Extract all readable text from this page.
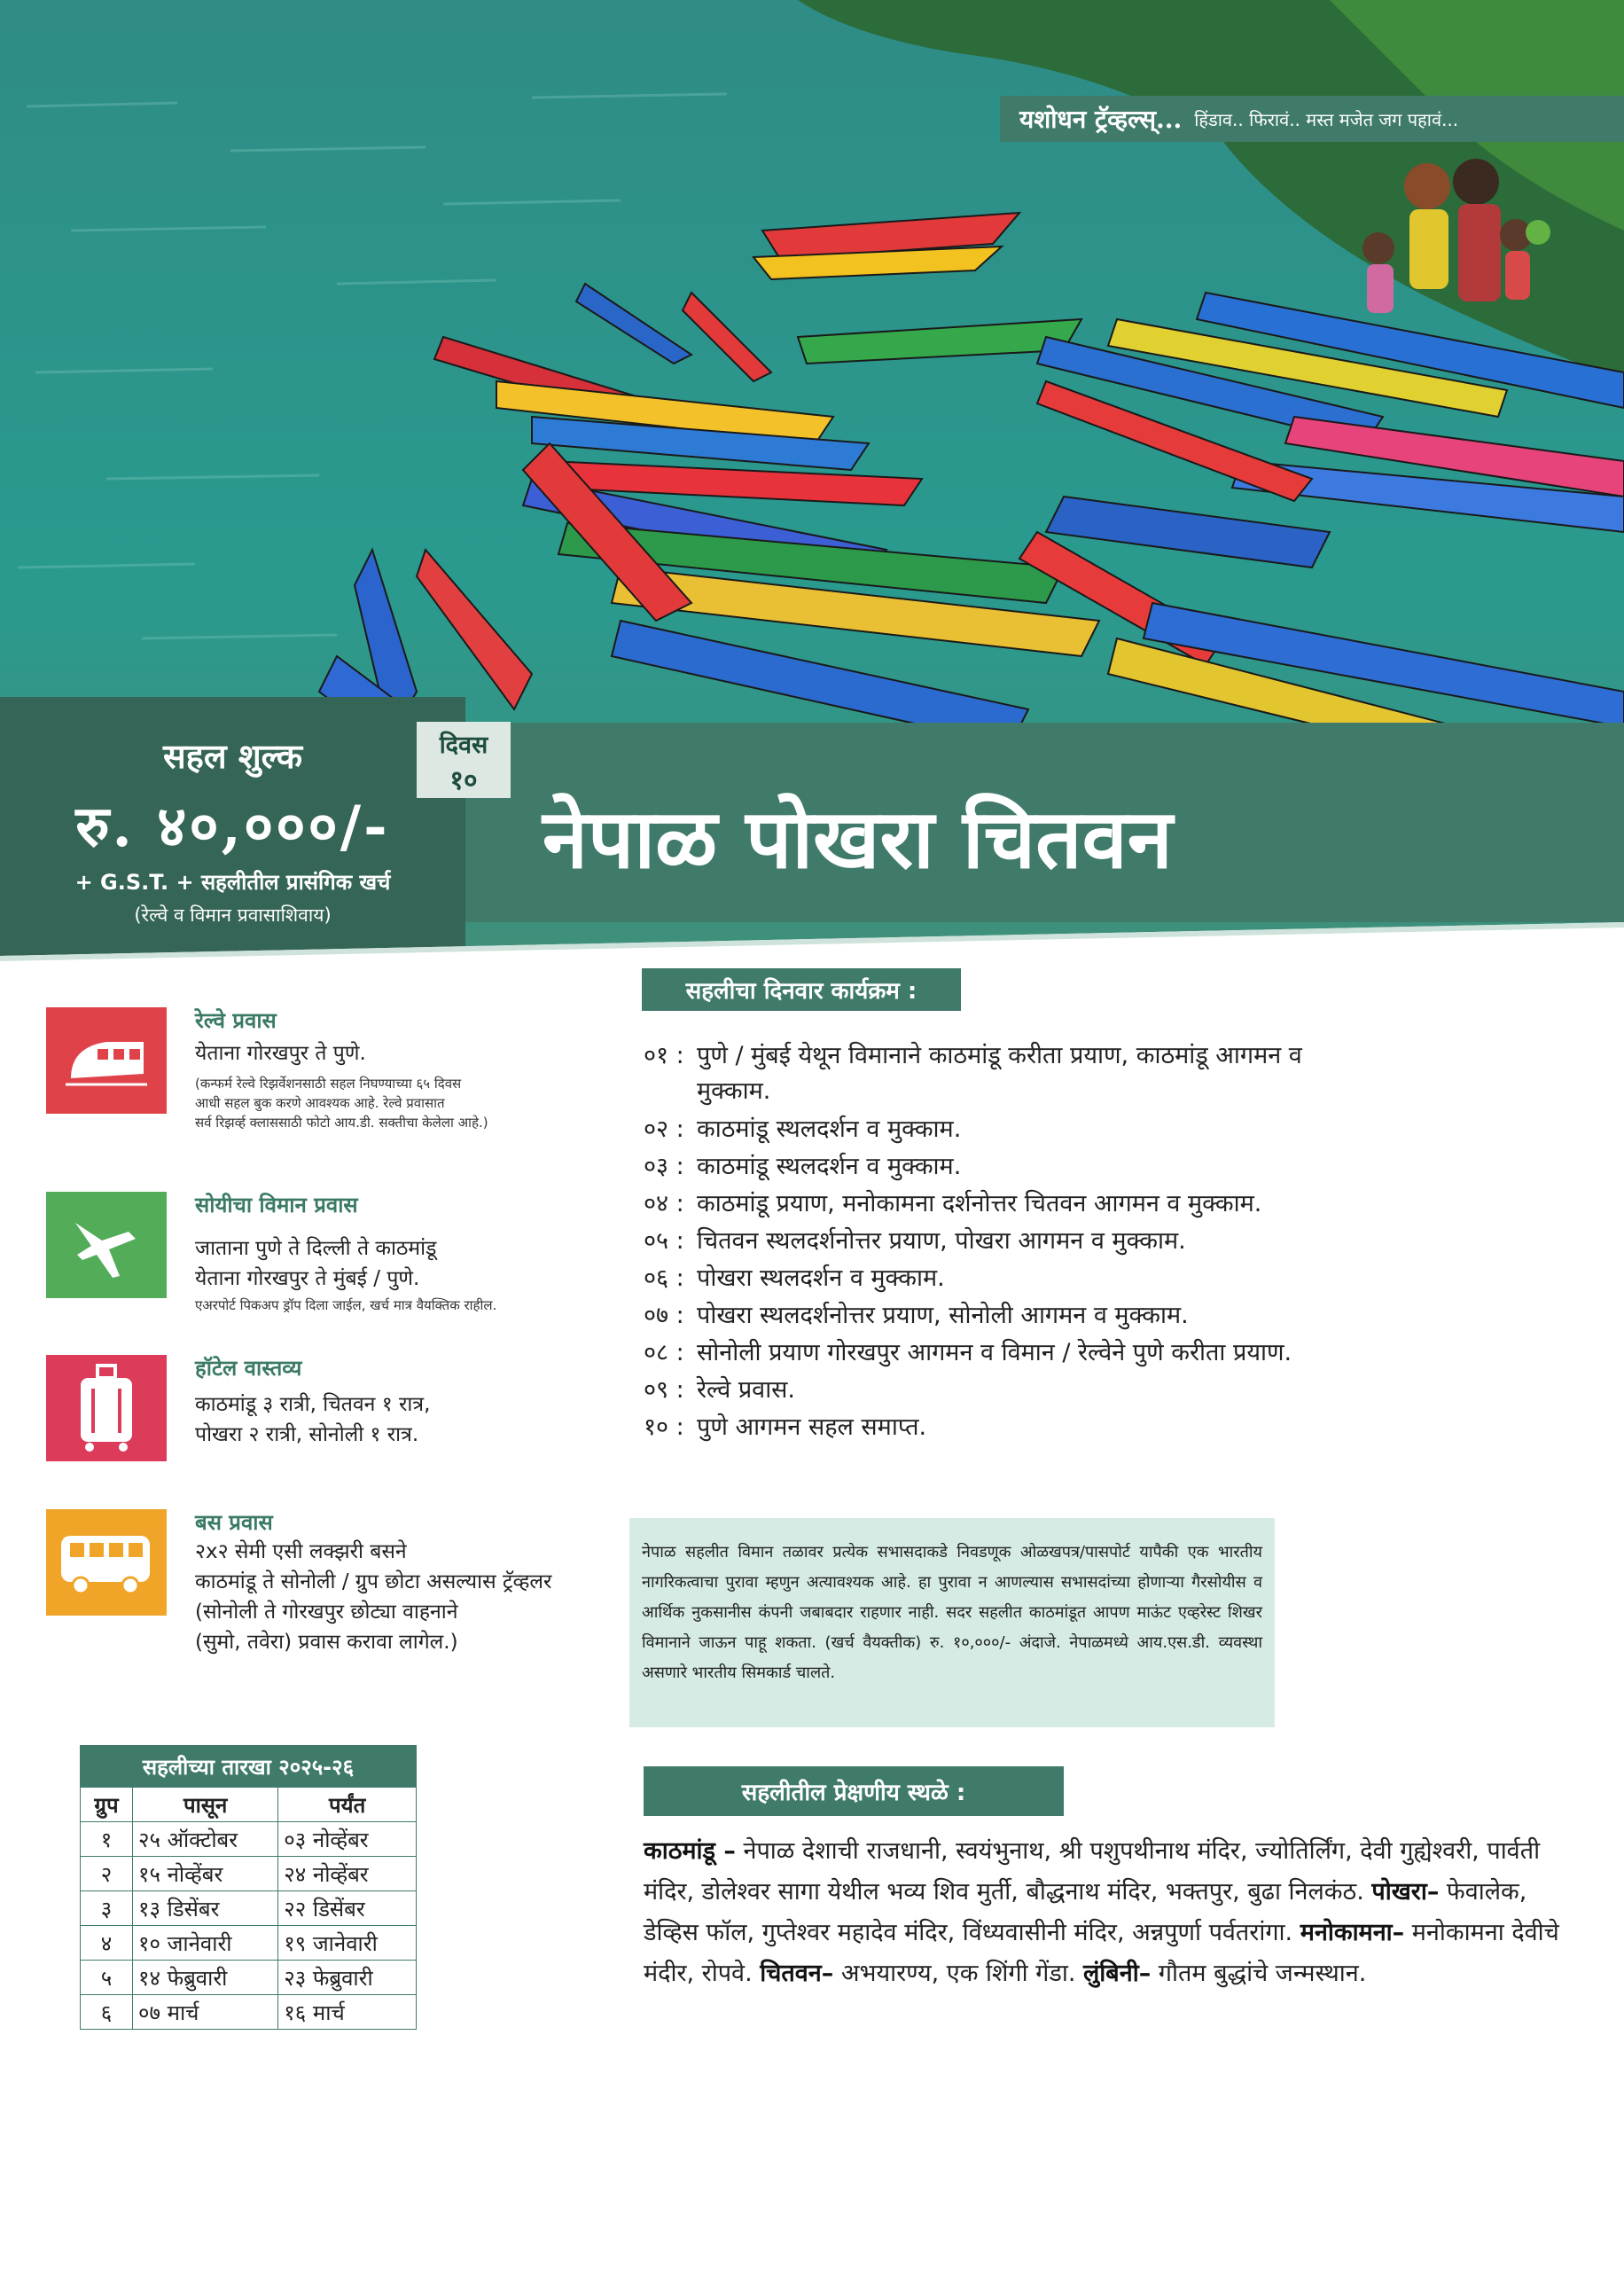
यशोधन ट्रॅव्हल्स्... हिंडाव.. फिरावं.. मस्त मजेत जग पहावं...
सहल शुल्क
रु. ४०,०००/-
+ G.S.T. + सहलीतील प्रासंगिक खर्च
(रेल्वे व विमान प्रवासाशिवाय)
नेपाळ पोखरा चितवन
दिवस
१०
रेल्वे प्रवास
येताना गोरखपुर ते पुणे.
(कन्फर्म रेल्वे रिझर्वेशनसाठी सहल निघण्याच्या ६५ दिवस
आधी सहल बुक करणे आवश्यक आहे. रेल्वे प्रवासात
सर्व रिझर्व्ह क्लाससाठी फोटो आय.डी. सक्तीचा केलेला आहे.)
सोयीचा विमान प्रवास
जाताना पुणे ते दिल्ली ते काठमांडू
येताना गोरखपुर ते मुंबई / पुणे.
एअरपोर्ट पिकअप ड्रॉप दिला जाईल, खर्च मात्र वैयक्तिक राहील.
हॉटेल वास्तव्य
काठमांडू ३ रात्री, चितवन १ रात्र,
पोखरा २ रात्री, सोनोली १ रात्र.
बस प्रवास
२x२ सेमी एसी लक्झरी बसने
काठमांडू ते सोनोली / ग्रुप छोटा असल्यास ट्रॅव्हलर
(सोनोली ते गोरखपुर छोट्या वाहनाने
(सुमो, तवेरा) प्रवास करावा लागेल.)
सहलीच्या तारखा २०२५-२६		
ग्रुप	पासून	पर्यंत
१	२५ ऑक्टोबर	०३ नोव्हेंबर
२	१५ नोव्हेंबर	२४ नोव्हेंबर
३	१३ डिसेंबर	२२ डिसेंबर
४	१० जानेवारी	१९ जानेवारी
५	१४ फेब्रुवारी	२३ फेब्रुवारी
६	०७ मार्च	१६ मार्च
सहलीचा दिनवार कार्यक्रम :
०१ : पुणे / मुंबई येथून विमानाने काठमांडू करीता प्रयाण, काठमांडू आगमन व
मुक्काम.
०२ : काठमांडू स्थलदर्शन व मुक्काम.
०३ : काठमांडू स्थलदर्शन व मुक्काम.
०४ : काठमांडू प्रयाण, मनोकामना दर्शनोत्तर चितवन आगमन व मुक्काम.
०५ : चितवन स्थलदर्शनोत्तर प्रयाण, पोखरा आगमन व मुक्काम.
०६ : पोखरा स्थलदर्शन व मुक्काम.
०७ : पोखरा स्थलदर्शनोत्तर प्रयाण, सोनोली आगमन व मुक्काम.
०८ : सोनोली प्रयाण गोरखपुर आगमन व विमान / रेल्वेने पुणे करीता प्रयाण.
०९ : रेल्वे प्रवास.
१० : पुणे आगमन सहल समाप्त.
नेपाळ सहलीत विमान तळावर प्रत्येक सभासदाकडे निवडणूक ओळखपत्र/पासपोर्ट यापैकी एक भारतीय नागरिकत्वाचा पुरावा म्हणुन अत्यावश्यक आहे. हा पुरावा न आणल्यास सभासदांच्या होणाऱ्या गैरसोयीस व आर्थिक नुकसानीस कंपनी जबाबदार राहणार नाही. सदर सहलीत काठमांडूत आपण माऊंट एव्हरेस्ट शिखर विमानाने जाऊन पाहू शकता. (खर्च वैयक्तीक) रु. १०,०००/- अंदाजे. नेपाळमध्ये आय.एस.डी. व्यवस्था असणारे भारतीय सिमकार्ड चालते.
सहलीतील प्रेक्षणीय स्थळे :
काठमांडू – नेपाळ देशाची राजधानी, स्वयंभुनाथ, श्री पशुपथीनाथ मंदिर, ज्योतिर्लिंग, देवी गुह्येश्वरी, पार्वती मंदिर, डोलेश्वर सागा येथील भव्य शिव मुर्ती, बौद्धनाथ मंदिर, भक्तपुर, बुढा निलकंठ. पोखरा– फेवालेक, डेव्हिस फॉल, गुप्तेश्वर महादेव मंदिर, विंध्यवासीनी मंदिर, अन्नपुर्णा पर्वतरांगा. मनोकामना– मनोकामना देवीचे मंदीर, रोपवे. चितवन– अभयारण्य, एक शिंगी गेंडा. लुंबिनी– गौतम बुद्धांचे जन्मस्थान.
